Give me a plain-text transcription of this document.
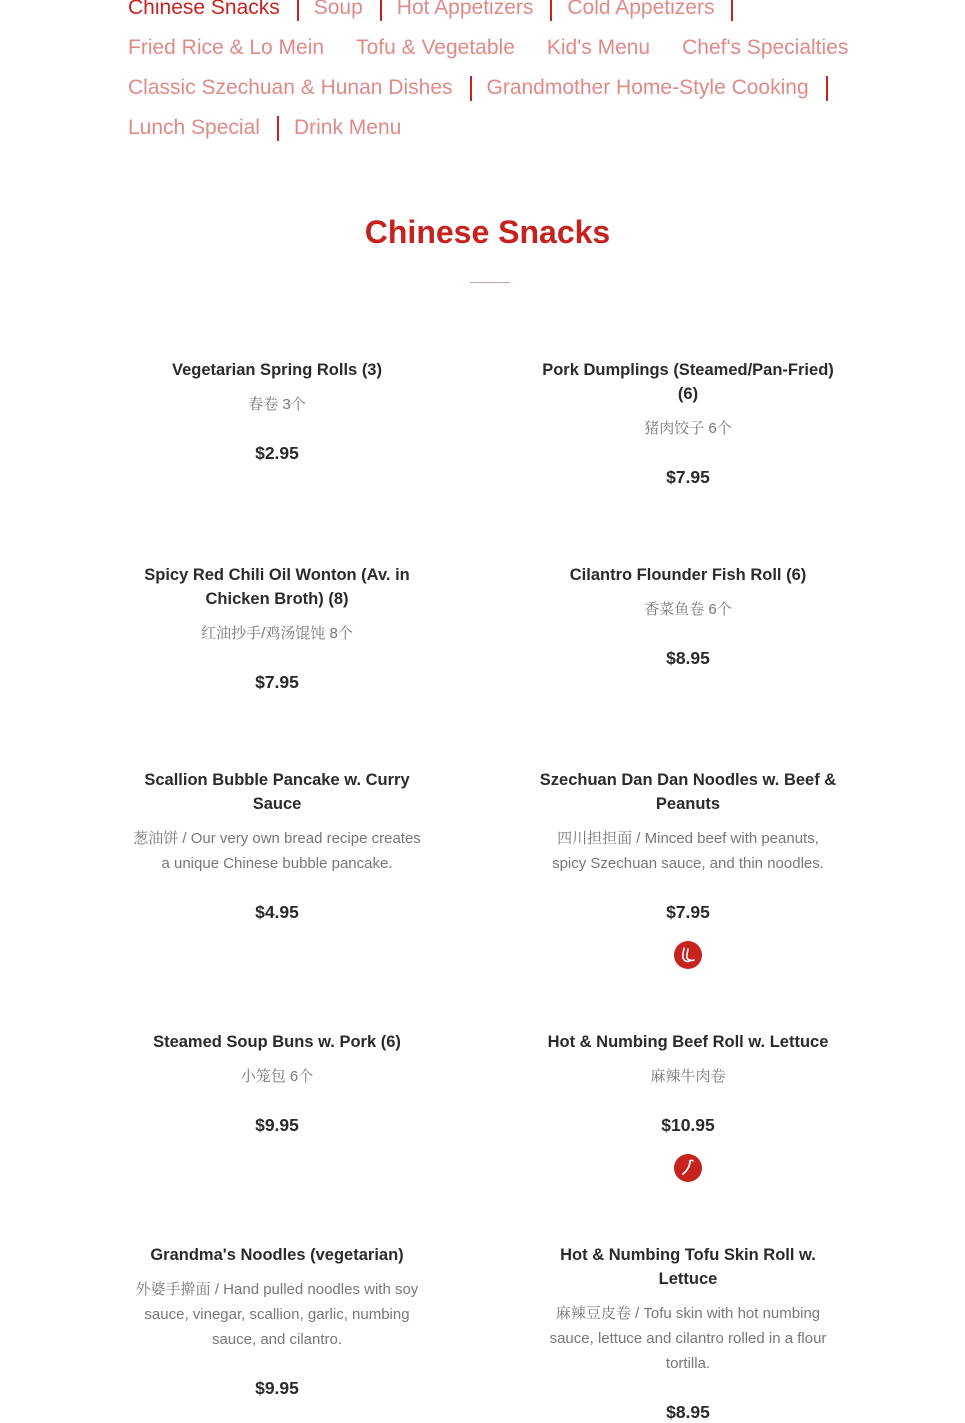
Chinese Snacks Soup Hot Appetizers Cold Appetizers
Fried Rice & Lo Mein Tofu & Vegetable Kid's Menu Chef's Specialties
Classic Szechuan & Hunan Dishes Grandmother Home-Style Cooking
Lunch Special Drink Menu
Chinese Snacks
Vegetarian Spring Rolls (3)
春卷 3个
$2.95
Pork Dumplings (Steamed/Pan-Fried) (6)
猪肉饺子 6个
$7.95
Spicy Red Chili Oil Wonton (Av. in Chicken Broth) (8)
红油抄手/鸡汤馄饨 8个
$7.95
Cilantro Flounder Fish Roll (6)
香菜鱼卷 6个
$8.95
Scallion Bubble Pancake w. Curry Sauce
葱油饼 / Our very own bread recipe creates a unique Chinese bubble pancake.
$4.95
Szechuan Dan Dan Noodles w. Beef & Peanuts
四川担担面 / Minced beef with peanuts, spicy Szechuan sauce, and thin noodles.
$7.95
Steamed Soup Buns w. Pork (6)
小笼包 6个
$9.95
Hot & Numbing Beef Roll w. Lettuce
麻辣牛肉卷
$10.95
Grandma's Noodles (vegetarian)
外婆手擀面 / Hand pulled noodles with soy sauce, vinegar, scallion, garlic, numbing sauce, and cilantro.
$9.95
Hot & Numbing Tofu Skin Roll w. Lettuce
麻辣豆皮卷 / Tofu skin with hot numbing sauce, lettuce and cilantro rolled in a flour tortilla.
$8.95
